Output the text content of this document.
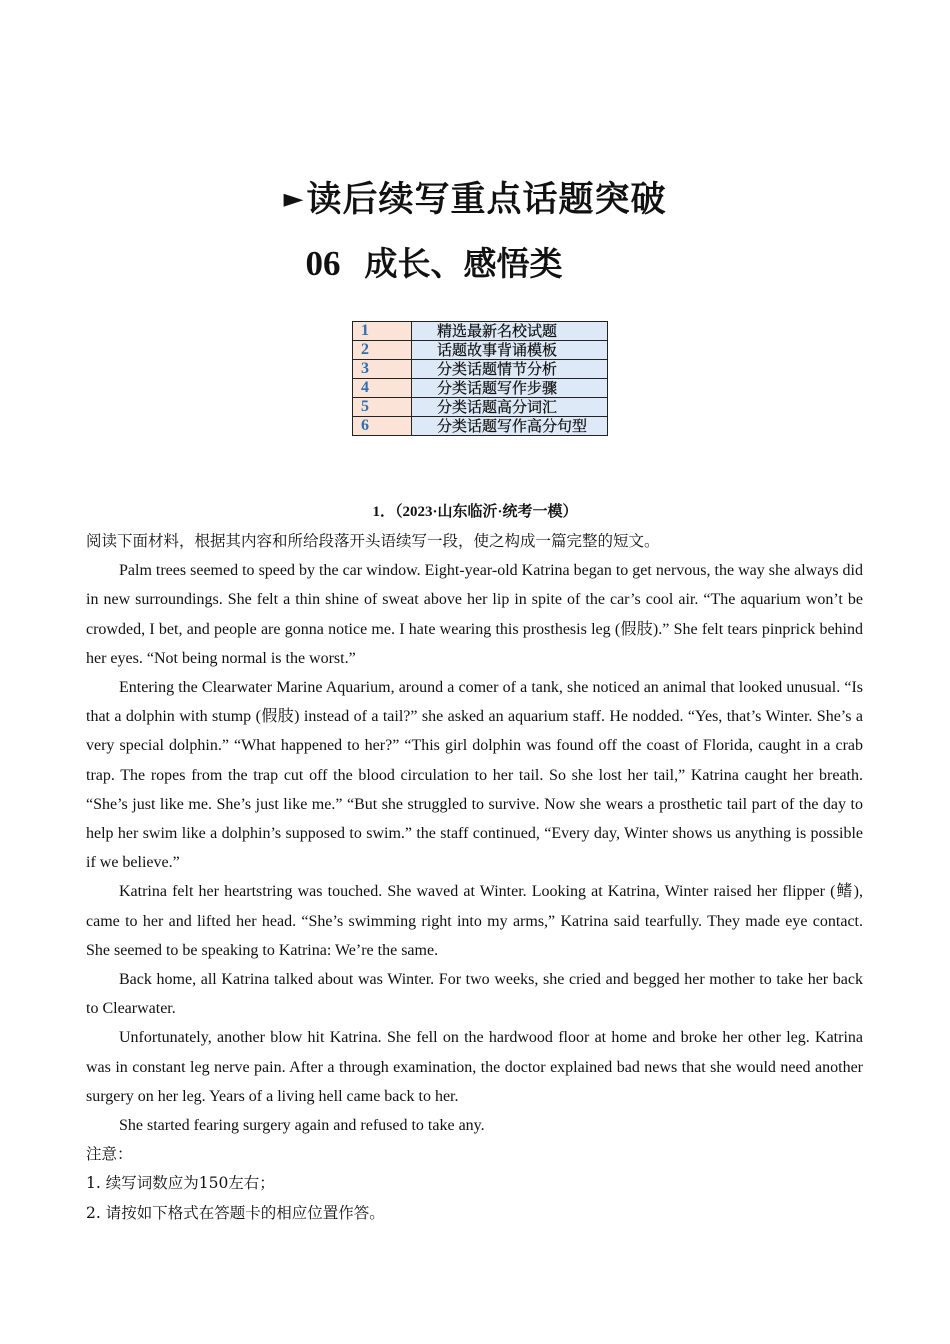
►读后续写重点话题突破
06 成长、感悟类
1	精选最新名校试题
2	话题故事背诵模板
3	分类话题情节分析
4	分类话题写作步骤
5	分类话题高分词汇
6	分类话题写作高分句型
1．（2023·山东临沂·统考一模）

阅读下面材料，根据其内容和所给段落开头语续写一段，使之构成一篇完整的短文。

Palm trees seemed to speed by the car window. Eight-year-old Katrina began to get nervous, the way she always did in new surroundings. She felt a thin shine of sweat above her lip in spite of the car’s cool air. “The aquarium won’t be crowded, I bet, and people are gonna notice me. I hate wearing this prosthesis leg (假肢).” She felt tears pinprick behind her eyes. “Not being normal is the worst.”

Entering the Clearwater Marine Aquarium, around a comer of a tank, she noticed an animal that looked unusual. “Is that a dolphin with stump (假肢) instead of a tail?” she asked an aquarium staff. He nodded. “Yes, that’s Winter. She’s a very special dolphin.” “What happened to her?” “This girl dolphin was found off the coast of Florida, caught in a crab trap. The ropes from the trap cut off the blood circulation to her tail. So she lost her tail,” Katrina caught her breath. “She’s just like me. She’s just like me.” “But she struggled to survive. Now she wears a prosthetic tail part of the day to help her swim like a dolphin’s supposed to swim.” the staff continued, “Every day, Winter shows us anything is possible if we believe.”

Katrina felt her heartstring was touched. She waved at Winter. Looking at Katrina, Winter raised her flipper (鳍), came to her and lifted her head. “She’s swimming right into my arms,” Katrina said tearfully. They made eye contact. She seemed to be speaking to Katrina: We’re the same.

Back home, all Katrina talked about was Winter. For two weeks, she cried and begged her mother to take her back to Clearwater.

Unfortunately, another blow hit Katrina. She fell on the hardwood floor at home and broke her other leg. Katrina was in constant leg nerve pain. After a through examination, the doctor explained bad news that she would need another surgery on her leg. Years of a living hell came back to her.

She started fearing surgery again and refused to take any.

注意：

1. 续写词数应为150左右；

2. 请按如下格式在答题卡的相应位置作答。
